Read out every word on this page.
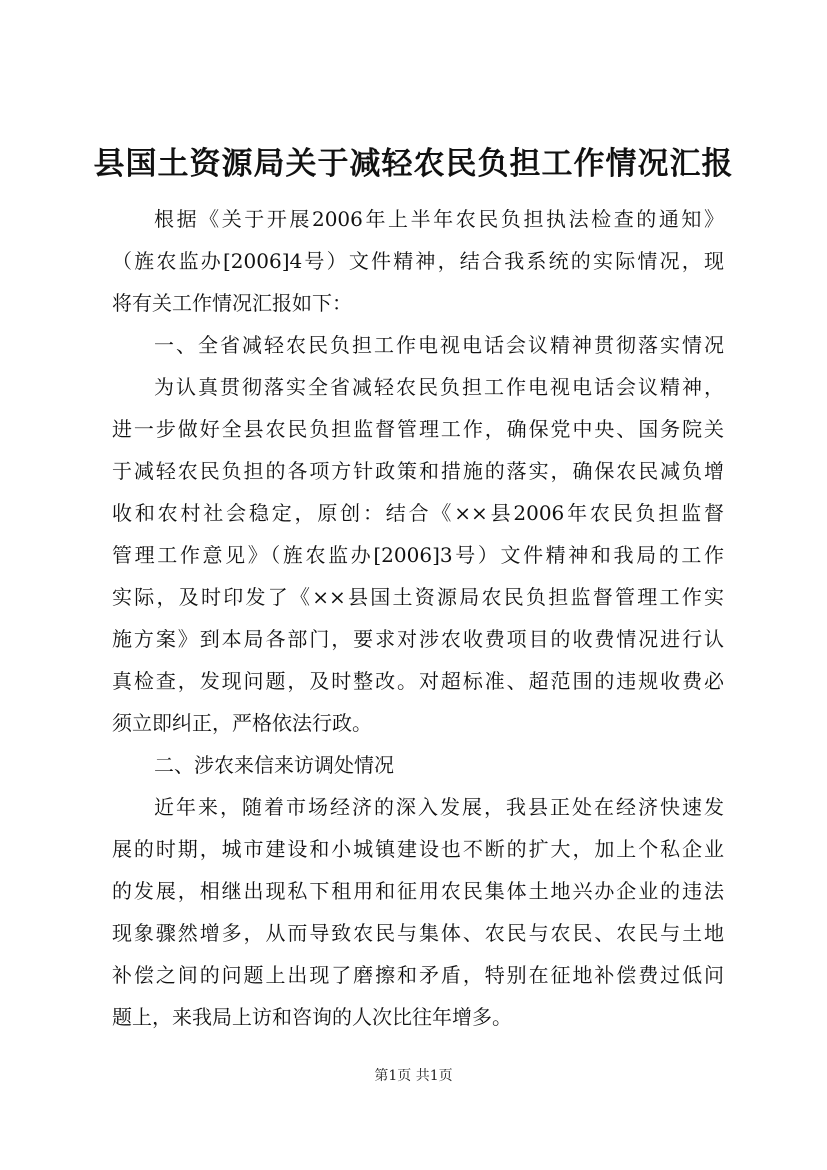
县国土资源局关于减轻农民负担工作情况汇报
根据《关于开展2006年上半年农民负担执法检查的通知》
（旌农监办[2006]4号）文件精神，结合我系统的实际情况，现
将有关工作情况汇报如下：
一、全省减轻农民负担工作电视电话会议精神贯彻落实情况
为认真贯彻落实全省减轻农民负担工作电视电话会议精神，
进一步做好全县农民负担监督管理工作，确保党中央、国务院关
于减轻农民负担的各项方针政策和措施的落实，确保农民减负增
收和农村社会稳定，原创：结合《××县2006年农民负担监督
管理工作意见》（旌农监办[2006]3号）文件精神和我局的工作
实际，及时印发了《××县国土资源局农民负担监督管理工作实
施方案》到本局各部门，要求对涉农收费项目的收费情况进行认
真检查，发现问题，及时整改。对超标准、超范围的违规收费必
须立即纠正，严格依法行政。
二、涉农来信来访调处情况
近年来，随着市场经济的深入发展，我县正处在经济快速发
展的时期，城市建设和小城镇建设也不断的扩大，加上个私企业
的发展，相继出现私下租用和征用农民集体土地兴办企业的违法
现象骤然增多，从而导致农民与集体、农民与农民、农民与土地
补偿之间的问题上出现了磨擦和矛盾，特别在征地补偿费过低问
题上，来我局上访和咨询的人次比往年增多。
第1页 共1页
